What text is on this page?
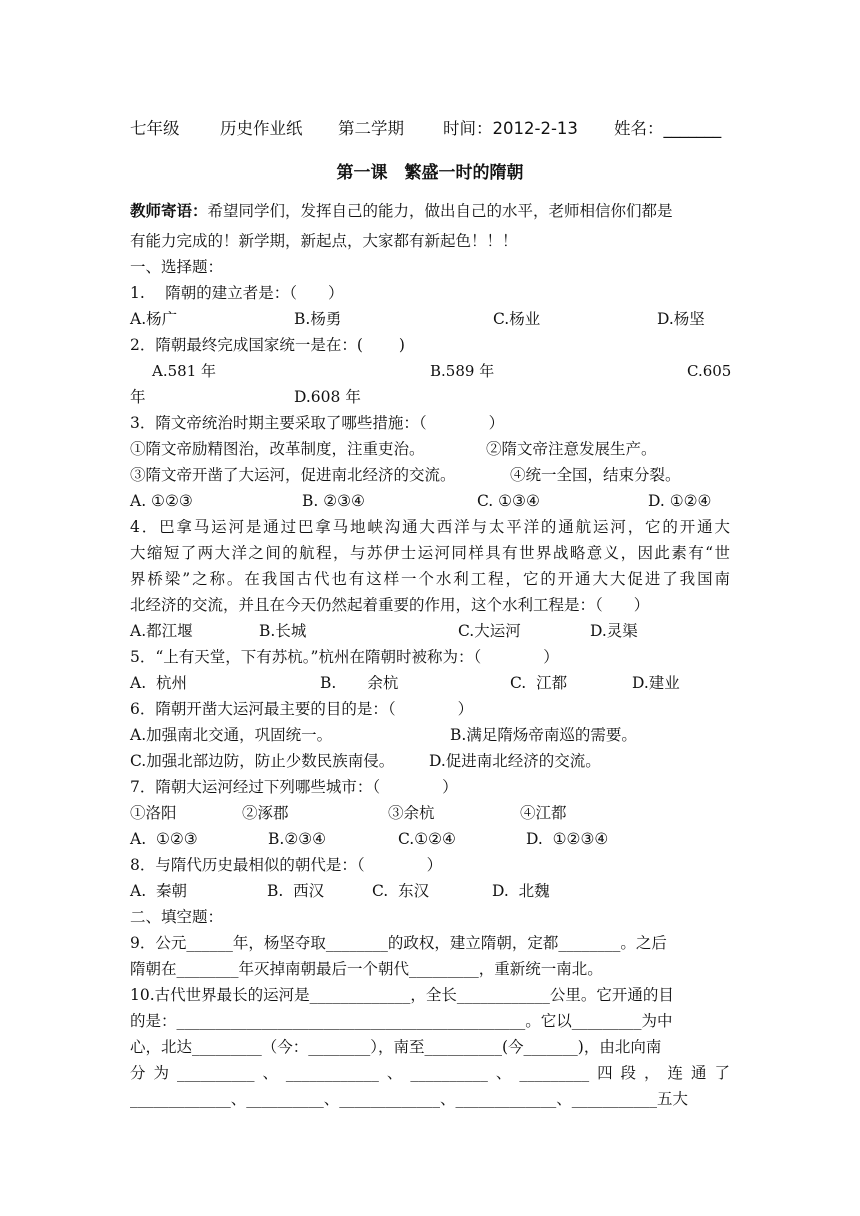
七年级

历史作业纸

第二学期

时间：2012-2-13

姓名：_______

第一课　繁盛一时的隋朝
教师寄语：希望同学们，发挥自己的能力，做出自己的水平，老师相信你们都是
有能力完成的！新学期，新起点，大家都有新起色！！！
一、选择题：
1.　 隋朝的建立者是：（　　）

A.杨广

	B.杨勇

	C.杨业

	D.杨坚

2．隋朝最终完成国家统一是在：(　　 )

A.581 年

	B.589 年

	C.605

年

	D.608 年

3．隋文帝统治时期主要采取了哪些措施：（　　　　）

①隋文帝励精图治，改革制度，注重吏治。

	②隋文帝注意发展生产。

③隋文帝开凿了大运河，促进南北经济的交流。

	④统一全国，结束分裂。

A. ①②③

	B. ②③④

	C. ①③④

	D. ①②④

4．巴拿马运河是通过巴拿马地峡沟通大西洋与太平洋的通航运河，它的开通大
大缩短了两大洋之间的航程，与苏伊士运河同样具有世界战略意义，因此素有“世
界桥梁”之称。在我国古代也有这样一个水利工程，它的开通大大促进了我国南
北经济的交流，并且在今天仍然起着重要的作用，这个水利工程是：（　　）

A.都江堰

	B.长城

	C.大运河

	D.灵渠

5．“上有天堂，下有苏杭。”杭州在隋朝时被称为：（　　　　）

A.  杭州

	B.　　余杭

	C.  江都

	D.建业

6．隋朝开凿大运河最主要的目的是：（　　　　）

A.加强南北交通，巩固统一。

	B.满足隋炀帝南巡的需要。

C.加强北部边防，防止少数民族南侵。

D.促进南北经济的交流。

7．隋朝大运河经过下列哪些城市：（　　　　）

①洛阳

	②涿郡

	③余杭

	④江都

A.  ①②③

	B.②③④

	C.①②④

	D.  ①②③④

8．与隋代历史最相似的朝代是：（　　　　）

A.  秦朝

	B.  西汉

	C.  东汉

	D.  北魏

二、填空题：
9．公元______年，杨坚夺取________的政权，建立隋朝，定都________。之后
隋朝在________年灭掉南朝最后一个朝代_________，重新统一南北。
10.古代世界最长的运河是_____________，全长____________公里。它开通的目
的是：_____________________________________________。它以_________为中
心，北达_________（今：________），南至__________(今_______)，由北向南
分为__________、____________、__________、_________四段，连通了
_____________、__________、_____________、_____________、___________五大
